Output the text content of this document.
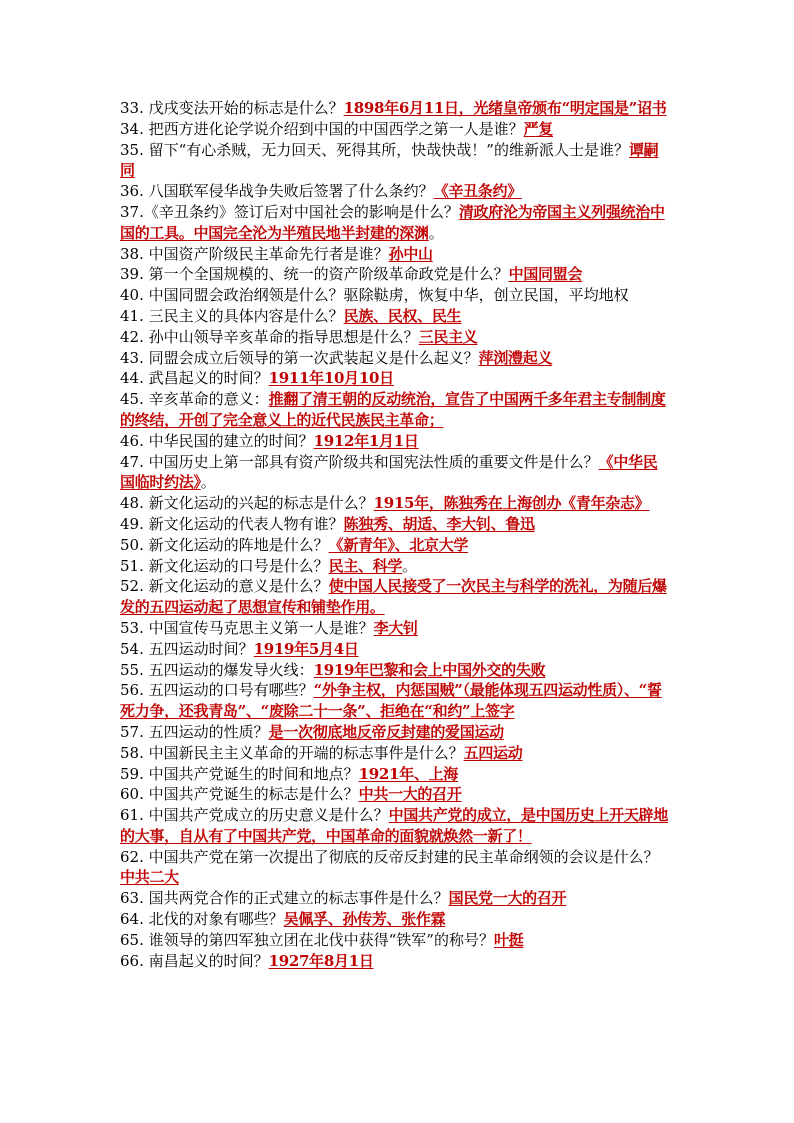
33. 戊戌变法开始的标志是什么？1898年6月11日，光绪皇帝颁布“明定国是”诏书

34. 把西方进化论学说介绍到中国的中国西学之第一人是谁？严复

35. 留下“有心杀贼，无力回天、死得其所，快哉快哉！”的维新派人士是谁？谭嗣同

36. 八国联军侵华战争失败后签署了什么条约？《辛丑条约》

37.《辛丑条约》签订后对中国社会的影响是什么？清政府沦为帝国主义列强统治中国的工具。中国完全沦为半殖民地半封建的深渊。

38. 中国资产阶级民主革命先行者是谁？孙中山

39. 第一个全国规模的、统一的资产阶级革命政党是什么？中国同盟会

40. 中国同盟会政治纲领是什么？驱除鞑虏，恢复中华，创立民国，平均地权

41. 三民主义的具体内容是什么？民族、民权、民生

42. 孙中山领导辛亥革命的指导思想是什么？三民主义

43. 同盟会成立后领导的第一次武装起义是什么起义？萍浏澧起义

44. 武昌起义的时间？1911年10月10日

45. 辛亥革命的意义：推翻了清王朝的反动统治，宣告了中国两千多年君主专制制度的终结，开创了完全意义上的近代民族民主革命；

46. 中华民国的建立的时间？1912年1月1日

47. 中国历史上第一部具有资产阶级共和国宪法性质的重要文件是什么？《中华民国临时约法》。

48. 新文化运动的兴起的标志是什么？1915年，陈独秀在上海创办《青年杂志》

49. 新文化运动的代表人物有谁？陈独秀、胡适、李大钊、鲁迅

50. 新文化运动的阵地是什么？《新青年》、北京大学

51. 新文化运动的口号是什么？民主、科学。

52. 新文化运动的意义是什么？使中国人民接受了一次民主与科学的洗礼，为随后爆发的五四运动起了思想宣传和铺垫作用。

53. 中国宣传马克思主义第一人是谁？李大钊

54. 五四运动时间？1919年5月4日

55. 五四运动的爆发导火线：1919年巴黎和会上中国外交的失败

56. 五四运动的口号有哪些？“外争主权，内惩国贼”（最能体现五四运动性质）、“誓死力争，还我青岛”、“废除二十一条”、拒绝在“和约”上签字

57. 五四运动的性质？是一次彻底地反帝反封建的爱国运动

58. 中国新民主主义革命的开端的标志事件是什么？五四运动

59. 中国共产党诞生的时间和地点？1921年、上海

60. 中国共产党诞生的标志是什么？中共一大的召开

61. 中国共产党成立的历史意义是什么？中国共产党的成立，是中国历史上开天辟地的大事，自从有了中国共产党，中国革命的面貌就焕然一新了！

62. 中国共产党在第一次提出了彻底的反帝反封建的民主革命纲领的会议是什么？中共二大

63. 国共两党合作的正式建立的标志事件是什么？国民党一大的召开

64. 北伐的对象有哪些？吴佩孚、孙传芳、张作霖

65. 谁领导的第四军独立团在北伐中获得“铁军”的称号？叶挺

66. 南昌起义的时间？1927年8月1日
